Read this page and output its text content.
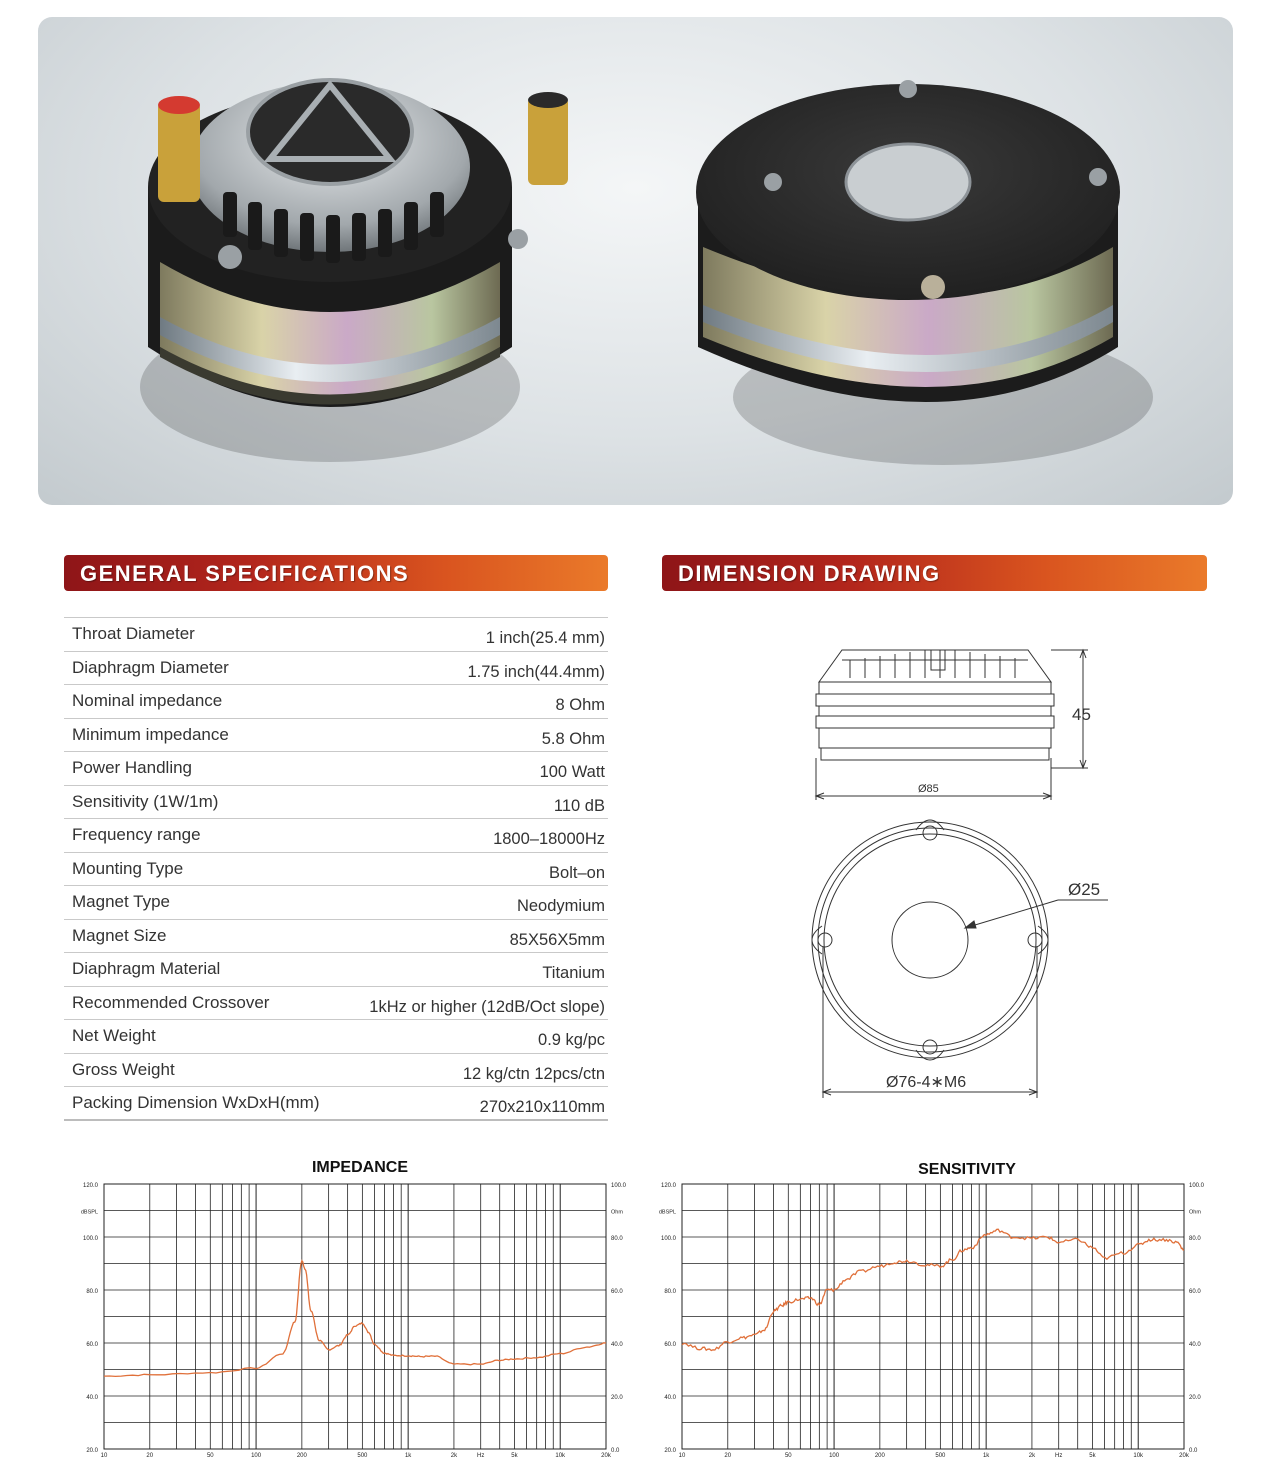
GENERAL SPECIFICATIONS
Throat Diameter	1 inch(25.4 mm)
Diaphragm Diameter	1.75 inch(44.4mm)
Nominal impedance	8 Ohm
Minimum impedance	5.8 Ohm
Power Handling	100 Watt
Sensitivity (1W/1m)	110 dB
Frequency range	1800–18000Hz
Mounting Type	Bolt–on
Magnet Type	Neodymium
Magnet Size	85X56X5mm
Diaphragm Material	Titanium
Recommended Crossover	1kHz or higher (12dB/Oct slope)
Net Weight	0.9 kg/pc
Gross Weight	12 kg/ctn 12pcs/ctn
Packing Dimension WxDxH(mm)	270x210x110mm
DIMENSION DRAWING
45
Ø85
Ø25
Ø76-4∗M6
IMPEDANCE
120.0
100.0
80.0
60.0
40.0
20.0
dBSPL
100.0
80.0
60.0
40.0
20.0
0.0
Ohm
10	20	50	100	200	500	1k	2k	5k	10k	20k
Hz
SENSITIVITY
120.0
100.0
80.0
60.0
40.0
20.0
dBSPL
100.0
80.0
60.0
40.0
20.0
0.0
Ohm
10	20	50	100	200	500	1k	2k	5k	10k	20k
Hz
